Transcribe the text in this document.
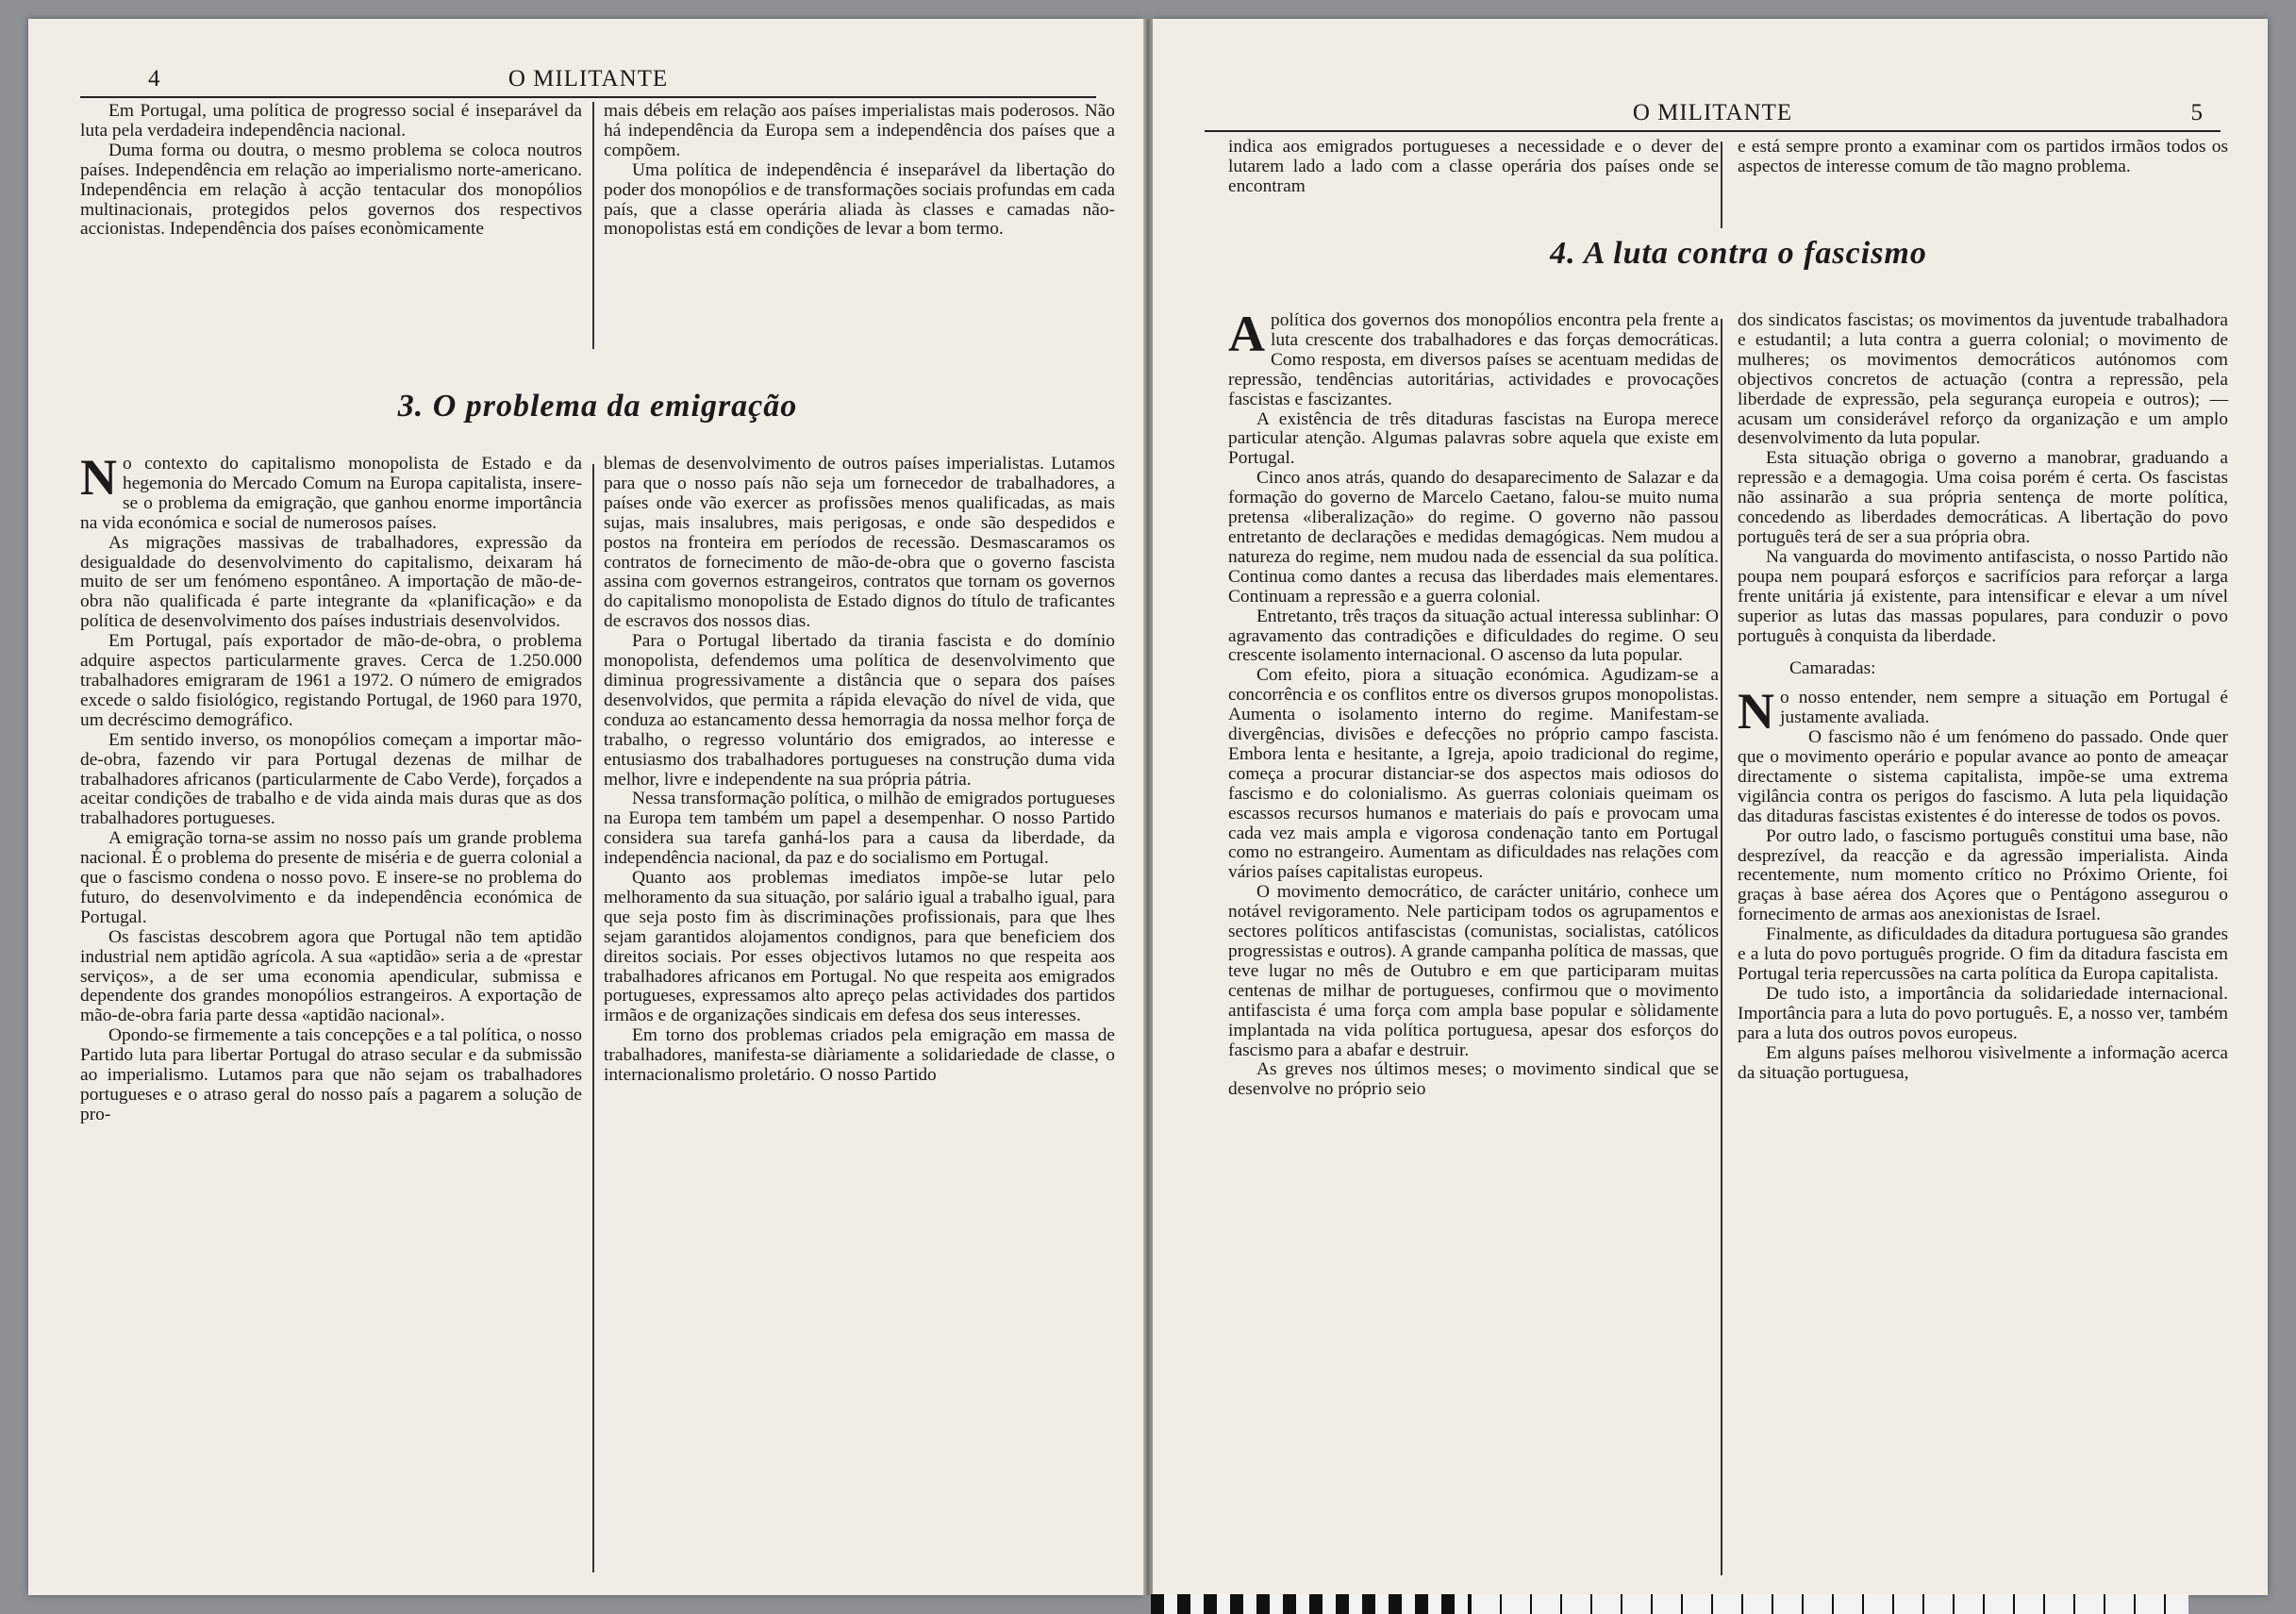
4	O MILITANTE

Em Portugal, uma política de progresso social é inseparável da luta pela verdadeira independência nacional.

Duma forma ou doutra, o mesmo problema se coloca noutros países. Independência em relação ao imperialismo norte-americano. Independência em relação à acção tentacular dos monopólios multinacionais, protegidos pelos governos dos respectivos accionistas. Independência dos países econòmicamente

mais débeis em relação aos países imperialistas mais poderosos. Não há independência da Europa sem a independência dos países que a compõem.

Uma política de independência é inseparável da libertação do poder dos monopólios e de transformações sociais profundas em cada país, que a classe operária aliada às classes e camadas não-monopolistas está em condições de levar a bom termo.

3. O problema da emigração

No contexto do capitalismo monopolista de Estado e da hegemonia do Mercado Comum na Europa capitalista, insere-se o problema da emigração, que ganhou enorme importância na vida económica e social de numerosos países.

As migrações massivas de trabalhadores, expressão da desigualdade do desenvolvimento do capitalismo, deixaram há muito de ser um fenómeno espontâneo. A importação de mão-de-obra não qualificada é parte integrante da «planificação» e da política de desenvolvimento dos países industriais desenvolvidos.

Em Portugal, país exportador de mão-de-obra, o problema adquire aspectos particularmente graves. Cerca de 1.250.000 trabalhadores emigraram de 1961 a 1972. O número de emigrados excede o saldo fisiológico, registando Portugal, de 1960 para 1970, um decréscimo demográfico.

Em sentido inverso, os monopólios começam a importar mão-de-obra, fazendo vir para Portugal dezenas de milhar de trabalhadores africanos (particularmente de Cabo Verde), forçados a aceitar condições de trabalho e de vida ainda mais duras que as dos trabalhadores portugueses.

A emigração torna-se assim no nosso país um grande problema nacional. É o problema do presente de miséria e de guerra colonial a que o fascismo condena o nosso povo. E insere-se no problema do futuro, do desenvolvimento e da independência económica de Portugal.

Os fascistas descobrem agora que Portugal não tem aptidão industrial nem aptidão agrícola. A sua «aptidão» seria a de «prestar serviços», a de ser uma economia apendicular, submissa e dependente dos grandes monopólios estrangeiros. A exportação de mão-de-obra faria parte dessa «aptidão nacional».

Opondo-se firmemente a tais concepções e a tal política, o nosso Partido luta para libertar Portugal do atraso secular e da submissão ao imperialismo. Lutamos para que não sejam os trabalhadores portugueses e o atraso geral do nosso país a pagarem a solução de pro-

blemas de desenvolvimento de outros países imperialistas. Lutamos para que o nosso país não seja um fornecedor de trabalhadores, a países onde vão exercer as profissões menos qualificadas, as mais sujas, mais insalubres, mais perigosas, e onde são despedidos e postos na fronteira em períodos de recessão. Desmascaramos os contratos de fornecimento de mão-de-obra que o governo fascista assina com governos estrangeiros, contratos que tornam os governos do capitalismo monopolista de Estado dignos do título de traficantes de escravos dos nossos dias.

Para o Portugal libertado da tirania fascista e do domínio monopolista, defendemos uma política de desenvolvimento que diminua progressivamente a distância que o separa dos países desenvolvidos, que permita a rápida elevação do nível de vida, que conduza ao estancamento dessa hemorragia da nossa melhor força de trabalho, o regresso voluntário dos emigrados, ao interesse e entusiasmo dos trabalhadores portugueses na construção duma vida melhor, livre e independente na sua própria pátria.

Nessa transformação política, o milhão de emigrados portugueses na Europa tem também um papel a desempenhar. O nosso Partido considera sua tarefa ganhá-los para a causa da liberdade, da independência nacional, da paz e do socialismo em Portugal.

Quanto aos problemas imediatos impõe-se lutar pelo melhoramento da sua situação, por salário igual a trabalho igual, para que seja posto fim às discriminações profissionais, para que lhes sejam garantidos alojamentos condignos, para que beneficiem dos direitos sociais. Por esses objectivos lutamos no que respeita aos trabalhadores africanos em Portugal. No que respeita aos emigrados portugueses, expressamos alto apreço pelas actividades dos partidos irmãos e de organizações sindicais em defesa dos seus interesses.

Em torno dos problemas criados pela emigração em massa de trabalhadores, manifesta-se diàriamente a solidariedade de classe, o internacionalismo proletário. O nosso Partido

O MILITANTE	5

indica aos emigrados portugueses a necessidade e o dever de lutarem lado a lado com a classe operária dos países onde se encontram

e está sempre pronto a examinar com os partidos irmãos todos os aspectos de interesse comum de tão magno problema.

4. A luta contra o fascismo

Apolítica dos governos dos monopólios encontra pela frente a luta crescente dos trabalhadores e das forças democráticas. Como resposta, em diversos países se acentuam medidas de repressão, tendências autoritárias, actividades e provocações fascistas e fascizantes.

A existência de três ditaduras fascistas na Europa merece particular atenção. Algumas palavras sobre aquela que existe em Portugal.

Cinco anos atrás, quando do desaparecimento de Salazar e da formação do governo de Marcelo Caetano, falou-se muito numa pretensa «liberalização» do regime. O governo não passou entretanto de declarações e medidas demagógicas. Nem mudou a natureza do regime, nem mudou nada de essencial da sua política. Continua como dantes a recusa das liberdades mais elementares. Continuam a repressão e a guerra colonial.

Entretanto, três traços da situação actual interessa sublinhar: O agravamento das contradições e dificuldades do regime. O seu crescente isolamento internacional. O ascenso da luta popular.

Com efeito, piora a situação económica. Agudizam-se a concorrência e os conflitos entre os diversos grupos monopolistas. Aumenta o isolamento interno do regime. Manifestam-se divergências, divisões e defecções no próprio campo fascista. Embora lenta e hesitante, a Igreja, apoio tradicional do regime, começa a procurar distanciar-se dos aspectos mais odiosos do fascismo e do colonialismo. As guerras coloniais queimam os escassos recursos humanos e materiais do país e provocam uma cada vez mais ampla e vigorosa condenação tanto em Portugal como no estrangeiro. Aumentam as dificuldades nas relações com vários países capitalistas europeus.

O movimento democrático, de carácter unitário, conhece um notável revigoramento. Nele participam todos os agrupamentos e sectores políticos antifascistas (comunistas, socialistas, católicos progressistas e outros). A grande campanha política de massas, que teve lugar no mês de Outubro e em que participaram muitas centenas de milhar de portugueses, confirmou que o movimento antifascista é uma força com ampla base popular e sòlidamente implantada na vida política portuguesa, apesar dos esforços do fascismo para a abafar e destruir.

As greves nos últimos meses; o movimento sindical que se desenvolve no próprio seio

dos sindicatos fascistas; os movimentos da juventude trabalhadora e estudantil; a luta contra a guerra colonial; o movimento de mulheres; os movimentos democráticos autónomos com objectivos concretos de actuação (contra a repressão, pela liberdade de expressão, pela segurança europeia e outros); — acusam um considerável reforço da organização e um amplo desenvolvimento da luta popular.

Esta situação obriga o governo a manobrar, graduando a repressão e a demagogia. Uma coisa porém é certa. Os fascistas não assinarão a sua própria sentença de morte política, concedendo as liberdades democráticas. A libertação do povo português terá de ser a sua própria obra.

Na vanguarda do movimento antifascista, o nosso Partido não poupa nem poupará esforços e sacrifícios para reforçar a larga frente unitária já existente, para intensificar e elevar a um nível superior as lutas das massas populares, para conduzir o povo português à conquista da liberdade.

Camaradas:

No nosso entender, nem sempre a situação em Portugal é justamente avaliada.

O fascismo não é um fenómeno do passado. Onde quer que o movimento operário e popular avance ao ponto de ameaçar directamente o sistema capitalista, impõe-se uma extrema vigilância contra os perigos do fascismo. A luta pela liquidação das ditaduras fascistas existentes é do interesse de todos os povos.

Por outro lado, o fascismo português constitui uma base, não desprezível, da reacção e da agressão imperialista. Ainda recentemente, num momento crítico no Próximo Oriente, foi graças à base aérea dos Açores que o Pentágono assegurou o fornecimento de armas aos anexionistas de Israel.

Finalmente, as dificuldades da ditadura portuguesa são grandes e a luta do povo português progride. O fim da ditadura fascista em Portugal teria repercussões na carta política da Europa capitalista.

De tudo isto, a importância da solidariedade internacional. Importância para a luta do povo português. E, a nosso ver, também para a luta dos outros povos europeus.

Em alguns países melhorou visìvelmente a informação acerca da situação portuguesa,
